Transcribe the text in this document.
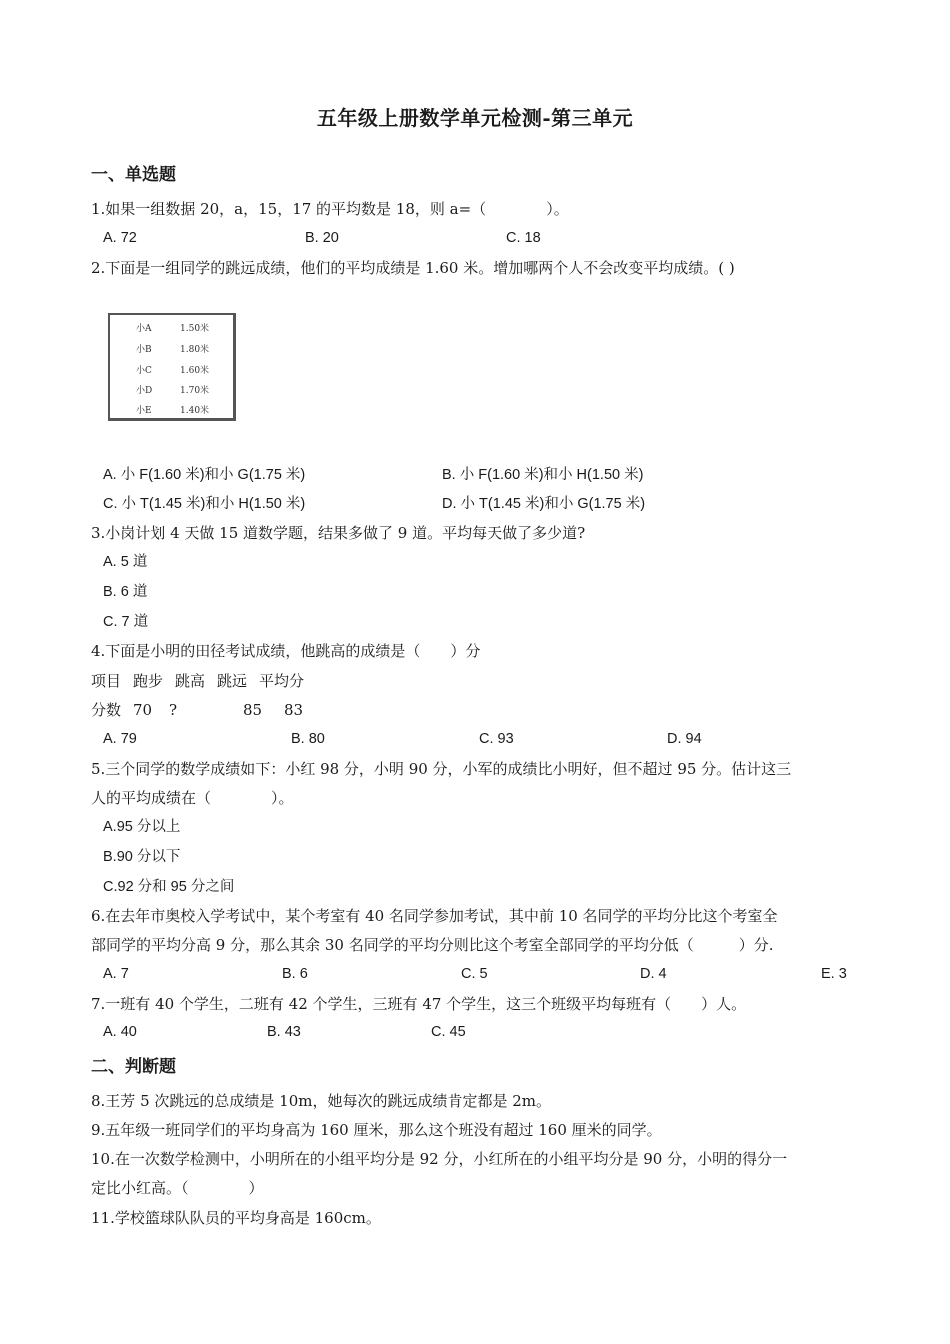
五年级上册数学单元检测-第三单元
一、单选题
1.如果一组数据 20，a，15，17 的平均数是 18，则 a=（　　　　）。
A. 72	B. 20	C. 18
2.下面是一组同学的跳远成绩，他们的平均成绩是 1.60 米。增加哪两个人不会改变平均成绩。( )
小A	1.50米
小B	1.80米
小C	1.60米
小D	1.70米
小E	1.40米
A. 小 F(1.60 米)和小 G(1.75 米)	B. 小 F(1.60 米)和小 H(1.50 米)
C. 小 T(1.45 米)和小 H(1.50 米)	D. 小 T(1.45 米)和小 G(1.75 米)
3.小岗计划 4 天做 15 道数学题，结果多做了 9 道。平均每天做了多少道?
A. 5 道
B. 6 道
C. 7 道
4.下面是小明的田径考试成绩，他跳高的成绩是（　　）分
项目 跑步 跳高 跳远 平均分
分数 70 ?	85 83
A. 79	B. 80	C. 93	D. 94
5.三个同学的数学成绩如下：小红 98 分，小明 90 分，小军的成绩比小明好，但不超过 95 分。估计这三
人的平均成绩在（　　　　）。
A.95 分以上
B.90 分以下
C.92 分和 95 分之间
6.在去年市奥校入学考试中，某个考室有 40 名同学参加考试，其中前 10 名同学的平均分比这个考室全
部同学的平均分高 9 分，那么其余 30 名同学的平均分则比这个考室全部同学的平均分低（　　　）分.
A. 7	B. 6	C. 5	D. 4	E. 3
7.一班有 40 个学生，二班有 42 个学生，三班有 47 个学生，这三个班级平均每班有（　　）人。
A. 40	B. 43	C. 45
二、判断题
8.王芳 5 次跳远的总成绩是 10m，她每次的跳远成绩肯定都是 2m。
9.五年级一班同学们的平均身高为 160 厘米，那么这个班没有超过 160 厘米的同学。
10.在一次数学检测中，小明所在的小组平均分是 92 分，小红所在的小组平均分是 90 分，小明的得分一
定比小红高。（　　　　）
11.学校篮球队队员的平均身高是 160cm。
